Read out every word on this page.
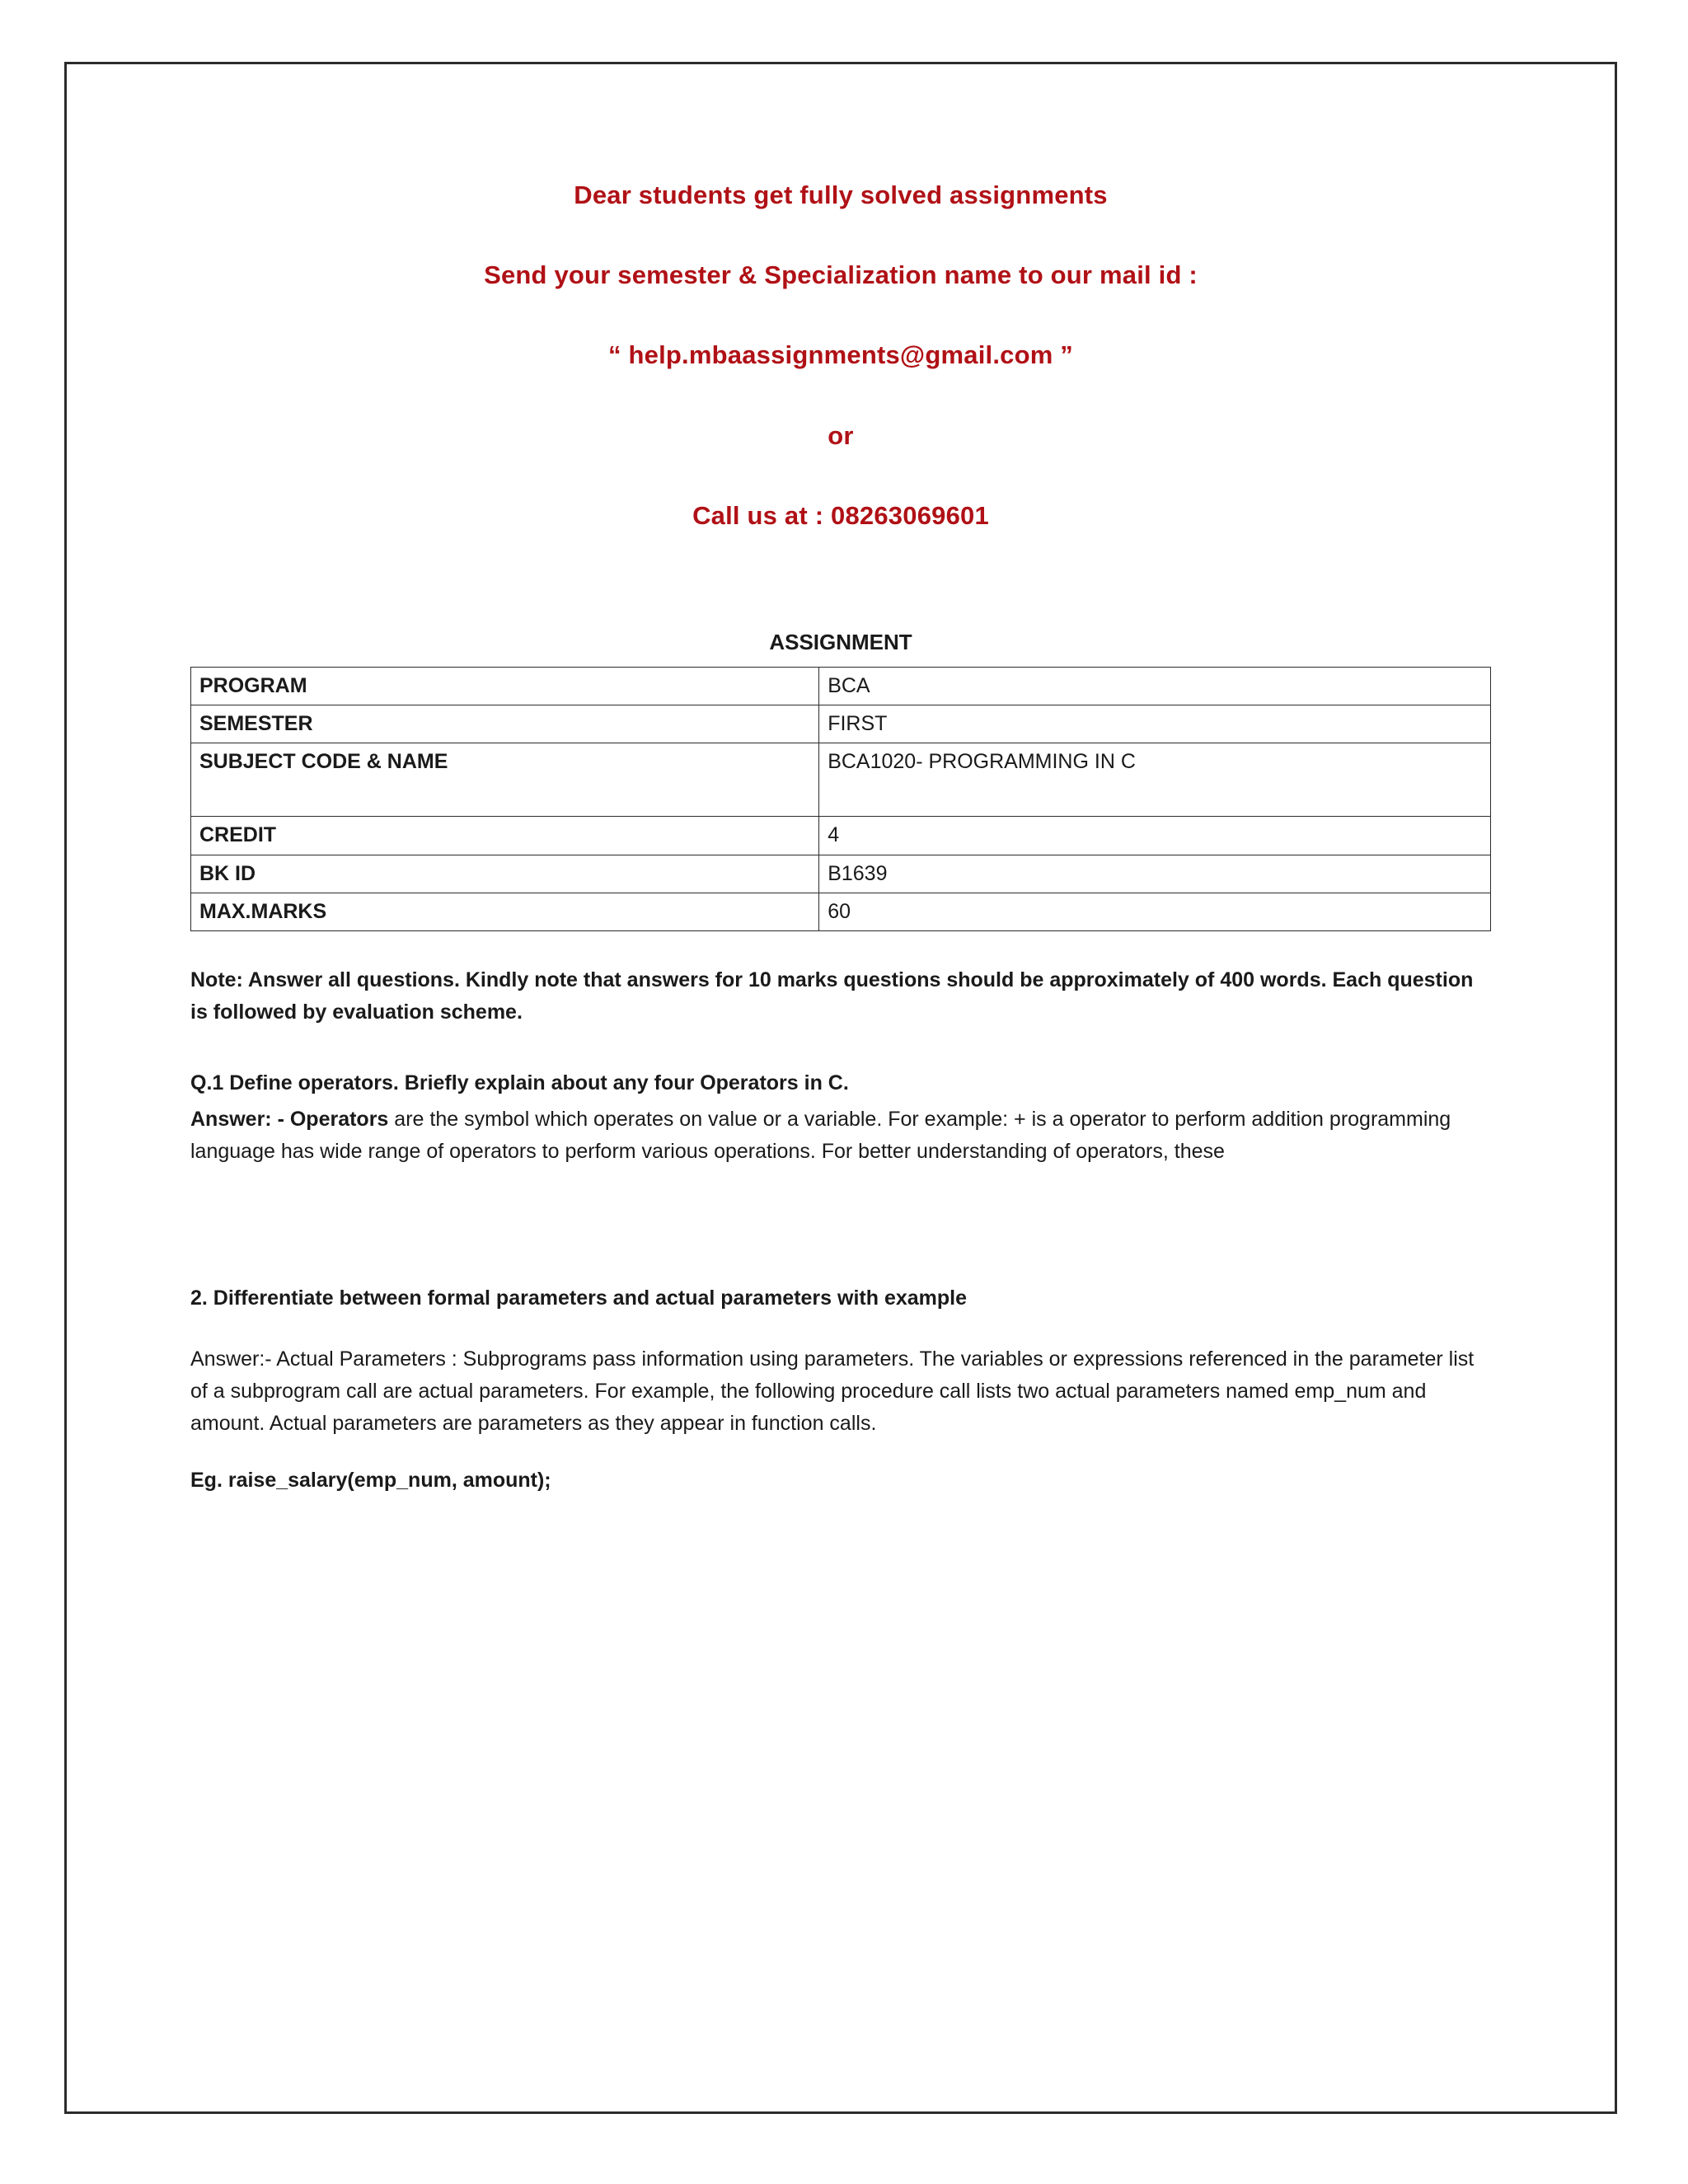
Dear students get fully solved assignments
Send your semester & Specialization name to our mail id :
“ help.mbaassignments@gmail.com ”
or
Call us at : 08263069601
ASSIGNMENT
PROGRAM	BCA
SEMESTER	FIRST
SUBJECT CODE & NAME	BCA1020- PROGRAMMING IN C
CREDIT	4
BK ID	B1639
MAX.MARKS	60
Note: Answer all questions. Kindly note that answers for 10 marks questions should be approximately of 400 words. Each question is followed by evaluation scheme.
Q.1 Define operators. Briefly explain about any four Operators in C.
Answer: - Operators are the symbol which operates on value or a variable. For example: + is a operator to perform addition programming language has wide range of operators to perform various operations. For better understanding of operators, these
2. Differentiate between formal parameters and actual parameters with example
Answer:- Actual Parameters : Subprograms pass information using parameters. The variables or expressions referenced in the parameter list of a subprogram call are actual parameters. For example, the following procedure call lists two actual parameters named emp_num and amount. Actual parameters are parameters as they appear in function calls.
Eg. raise_salary(emp_num, amount);
